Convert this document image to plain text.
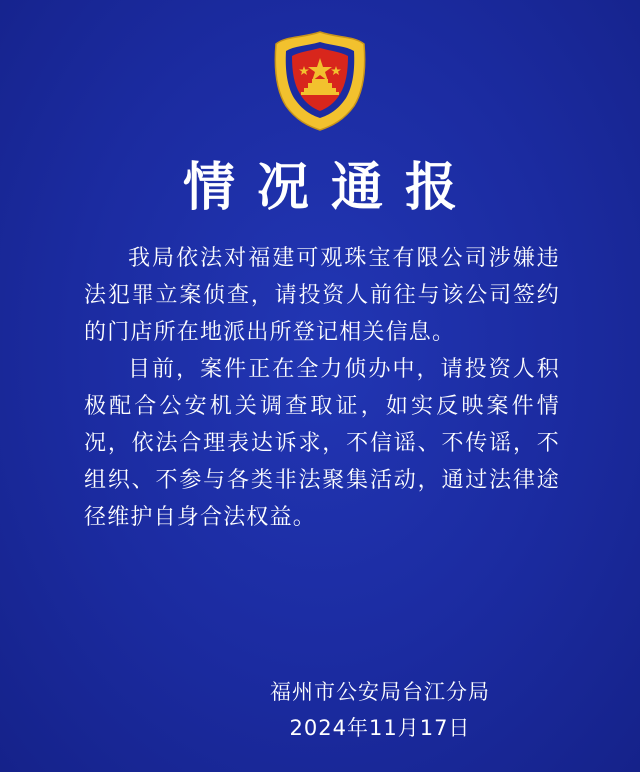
情况通报

我局依法对福建可观珠宝有限公司涉嫌违法犯罪立案侦查，请投资人前往与该公司签约的门店所在地派出所登记相关信息。

目前，案件正在全力侦办中，请投资人积极配合公安机关调查取证，如实反映案件情况，依法合理表达诉求，不信谣、不传谣，不组织、不参与各类非法聚集活动，通过法律途径维护自身合法权益。

福州市公安局台江分局
2024年11月17日
